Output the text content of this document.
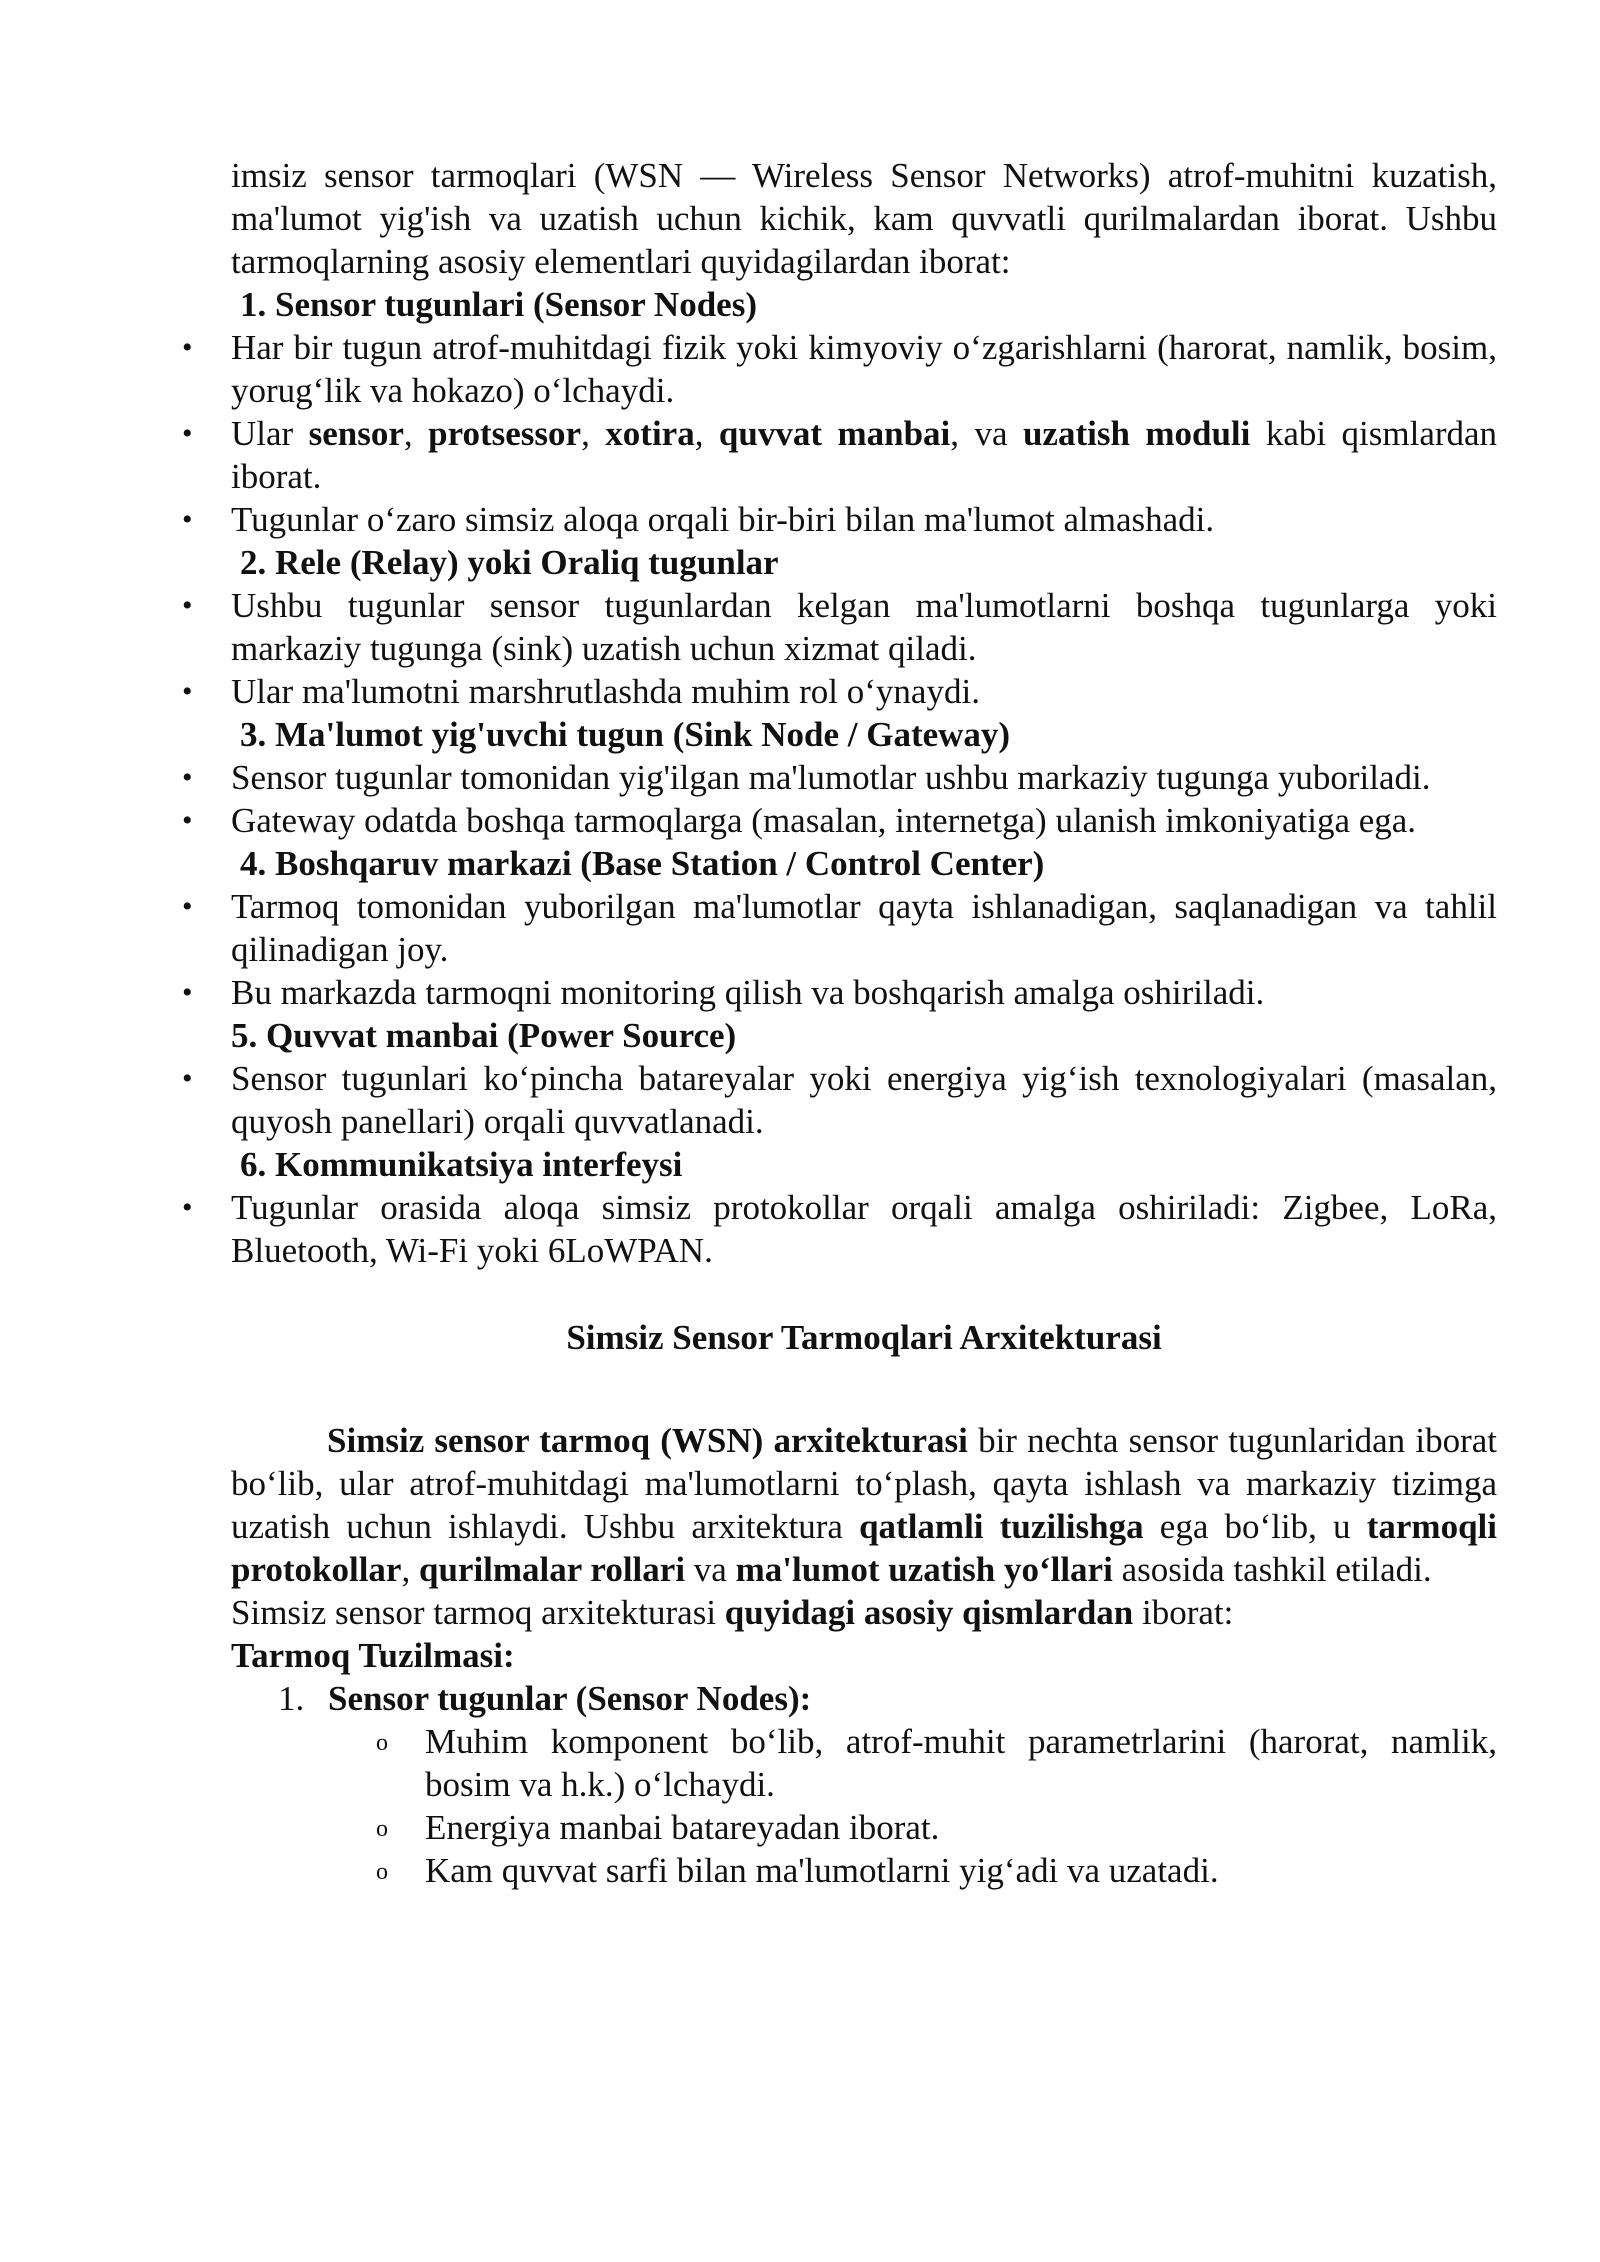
imsiz sensor tarmoqlari (WSN — Wireless Sensor Networks) atrof-muhitni kuzatish, ma'lumot yig'ish va uzatish uchun kichik, kam quvvatli qurilmalardan iborat. Ushbu tarmoqlarning asosiy elementlari quyidagilardan iborat:

1. Sensor tugunlari (Sensor Nodes)

• Har bir tugun atrof-muhitdagi fizik yoki kimyoviy o‘zgarishlarni (harorat, namlik, bosim, yorug‘lik va hokazo) o‘lchaydi.
• Ular sensor, protsessor, xotira, quvvat manbai, va uzatish moduli kabi qismlardan iborat.
• Tugunlar o‘zaro simsiz aloqa orqali bir-biri bilan ma'lumot almashadi.

2. Rele (Relay) yoki Oraliq tugunlar

• Ushbu tugunlar sensor tugunlardan kelgan ma'lumotlarni boshqa tugunlarga yoki markaziy tugunga (sink) uzatish uchun xizmat qiladi.
• Ular ma'lumotni marshrutlashda muhim rol o‘ynaydi.

3. Ma'lumot yig'uvchi tugun (Sink Node / Gateway)

• Sensor tugunlar tomonidan yig'ilgan ma'lumotlar ushbu markaziy tugunga yuboriladi.
• Gateway odatda boshqa tarmoqlarga (masalan, internetga) ulanish imkoniyatiga ega.

4. Boshqaruv markazi (Base Station / Control Center)

• Tarmoq tomonidan yuborilgan ma'lumotlar qayta ishlanadigan, saqlanadigan va tahlil qilinadigan joy.
• Bu markazda tarmoqni monitoring qilish va boshqarish amalga oshiriladi.

5. Quvvat manbai (Power Source)

• Sensor tugunlari ko‘pincha batareyalar yoki energiya yig‘ish texnologiyalari (masalan, quyosh panellari) orqali quvvatlanadi.

6. Kommunikatsiya interfeysi

• Tugunlar orasida aloqa simsiz protokollar orqali amalga oshiriladi: Zigbee, LoRa, Bluetooth, Wi-Fi yoki 6LoWPAN.

Simsiz Sensor Tarmoqlari Arxitekturasi

Simsiz sensor tarmoq (WSN) arxitekturasi bir nechta sensor tugunlaridan iborat bo‘lib, ular atrof-muhitdagi ma'lumotlarni to‘plash, qayta ishlash va markaziy tizimga uzatish uchun ishlaydi. Ushbu arxitektura qatlamli tuzilishga ega bo‘lib, u tarmoqli protokollar, qurilmalar rollari va ma'lumot uzatish yo‘llari asosida tashkil etiladi.

Simsiz sensor tarmoq arxitekturasi quyidagi asosiy qismlardan iborat:

Tarmoq Tuzilmasi:

1. Sensor tugunlar (Sensor Nodes):

o Muhim komponent bo‘lib, atrof-muhit parametrlarini (harorat, namlik, bosim va h.k.) o‘lchaydi.
o Energiya manbai batareyadan iborat.
o Kam quvvat sarfi bilan ma'lumotlarni yig‘adi va uzatadi.
